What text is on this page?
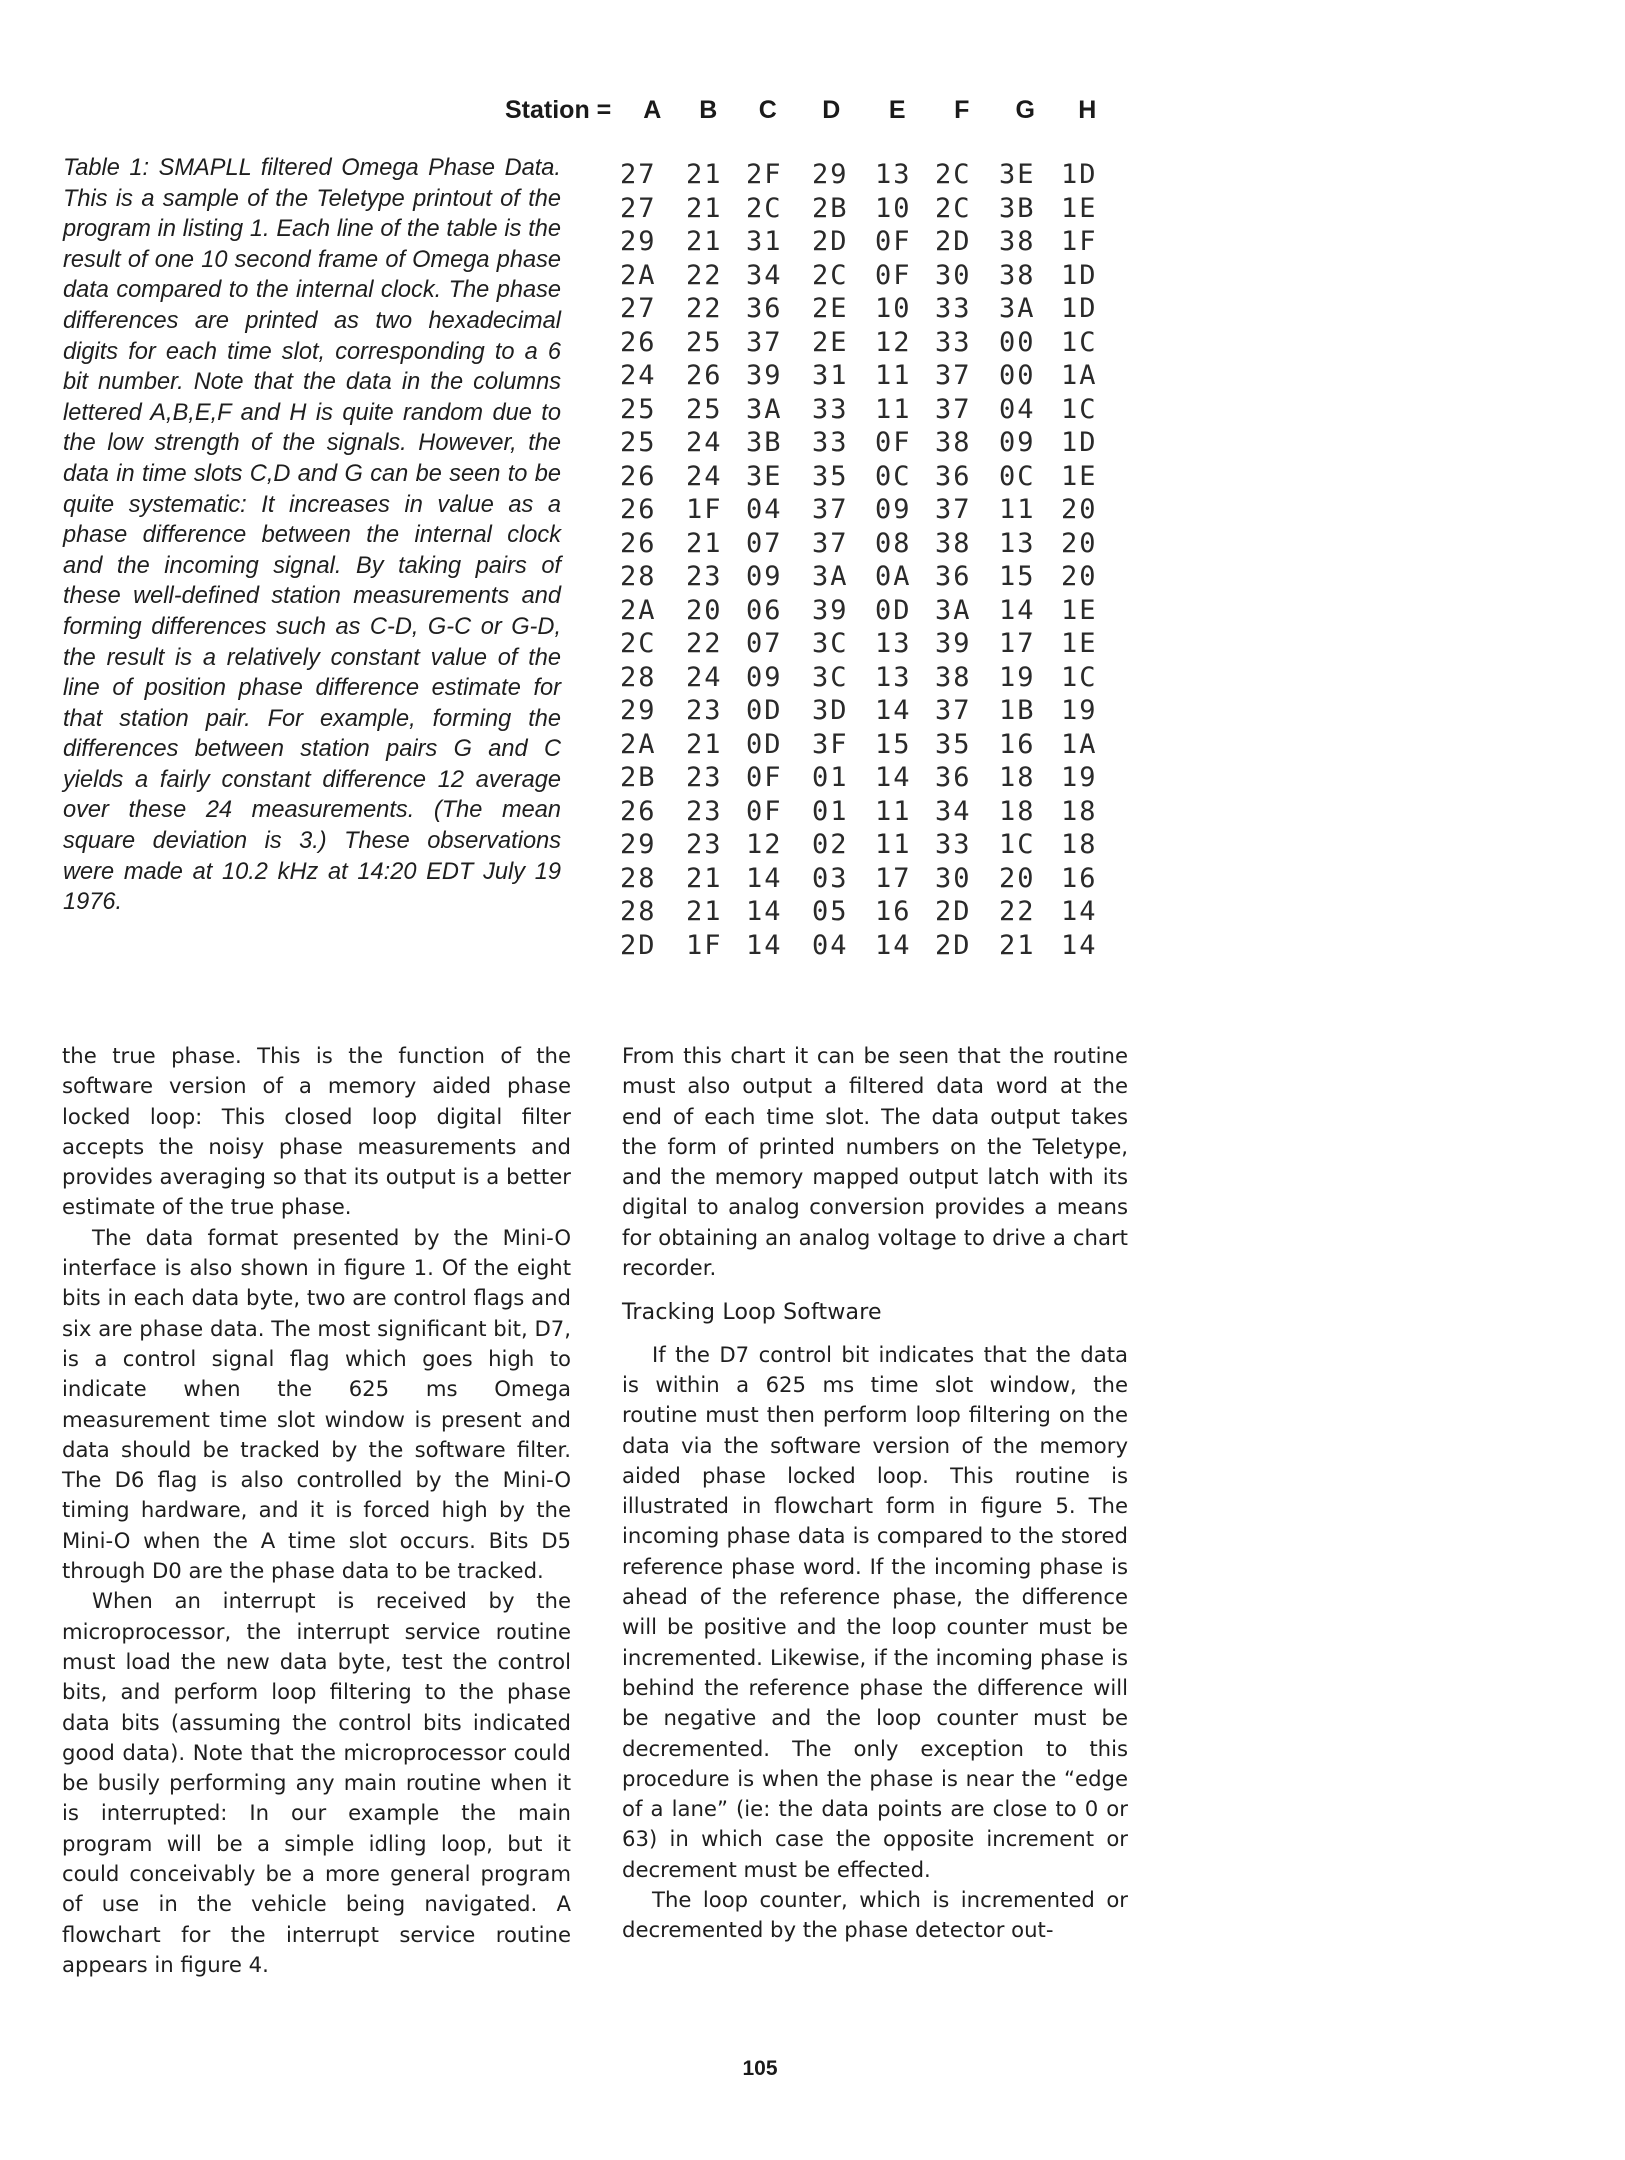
Station =	A	B	C	D	E	F	G	H
Table 1: SMAPLL filtered Omega Phase Data. This is a sample of the Teletype printout of the program in listing 1. Each line of the table is the result of one 10 second frame of Omega phase data compared to the internal clock. The phase differences are printed as two hexadecimal digits for each time slot, corresponding to a 6 bit number. Note that the data in the columns lettered A,B,E,F and H is quite random due to the low strength of the signals. However, the data in time slots C,D and G can be seen to be quite systematic: It increases in value as a phase difference between the internal clock and the incoming signal. By taking pairs of these well-defined station measurements and forming differences such as C-D, G-C or G-D, the result is a relatively constant value of the line of position phase difference estimate for that station pair. For example, forming the differences between station pairs G and C yields a fairly constant difference 12 average over these 24 measurements. (The mean square deviation is 3.) These observations were made at 10.2 kHz at 14:20 EDT July 19 1976.
27	21 2F	29 13 2C	3E 1D
27	21 2C	2B 10 2C	3B 1E
29	21 31	2D 0F 2D	38 1F
2A	22 34	2C 0F 30	38 1D
27	22 36	2E 10 33	3A 1D
26	25 37	2E 12 33	00 1C
24	26 39	31 11 37	00 1A
25	25 3A	33 11 37	04 1C
25	24 3B	33 0F 38	09 1D
26	24 3E	35 0C 36	0C 1E
26	1F 04	37 09 37	11 20
26	21 07	37 08 38	13 20
28	23 09	3A 0A 36	15 20
2A	20 06	39 0D 3A	14 1E
2C	22 07	3C 13 39	17 1E
28	24 09	3C 13 38	19 1C
29	23 0D	3D 14 37	1B 19
2A	21 0D	3F 15 35	16 1A
2B	23 0F	01 14 36	18 19
26	23 0F	01 11 34	18 18
29	23 12	02 11 33	1C 18
28	21 14	03 17 30	20 16
28	21 14	05 16 2D	22 14
2D	1F 14	04 14 2D	21 14

the true phase. This is the function of the software version of a memory aided phase locked loop: This closed loop digital filter accepts the noisy phase measurements and provides averaging so that its output is a better estimate of the true phase.

The data format presented by the Mini-O interface is also shown in figure 1. Of the eight bits in each data byte, two are control flags and six are phase data. The most significant bit, D7, is a control signal flag which goes high to indicate when the 625 ms Omega measurement time slot window is present and data should be tracked by the software filter. The D6 flag is also controlled by the Mini-O timing hardware, and it is forced high by the Mini-O when the A time slot occurs. Bits D5 through D0 are the phase data to be tracked.

When an interrupt is received by the microprocessor, the interrupt service routine must load the new data byte, test the control bits, and perform loop filtering to the phase data bits (assuming the control bits indicated good data). Note that the microprocessor could be busily performing any main routine when it is interrupted: In our example the main program will be a simple idling loop, but it could conceivably be a more general program of use in the vehicle being navigated. A flowchart for the interrupt service routine appears in figure 4.

From this chart it can be seen that the routine must also output a filtered data word at the end of each time slot. The data output takes the form of printed numbers on the Teletype, and the memory mapped output latch with its digital to analog conversion provides a means for obtaining an analog voltage to drive a chart recorder.

Tracking Loop Software

If the D7 control bit indicates that the data is within a 625 ms time slot window, the routine must then perform loop filtering on the data via the software version of the memory aided phase locked loop. This routine is illustrated in flowchart form in figure 5. The incoming phase data is compared to the stored reference phase word. If the incoming phase is ahead of the reference phase, the difference will be positive and the loop counter must be incremented. Likewise, if the incoming phase is behind the reference phase the difference will be negative and the loop counter must be decremented. The only exception to this procedure is when the phase is near the “edge of a lane” (ie: the data points are close to 0 or 63) in which case the opposite increment or decrement must be effected.

The loop counter, which is incremented or decremented by the phase detector out-

105
